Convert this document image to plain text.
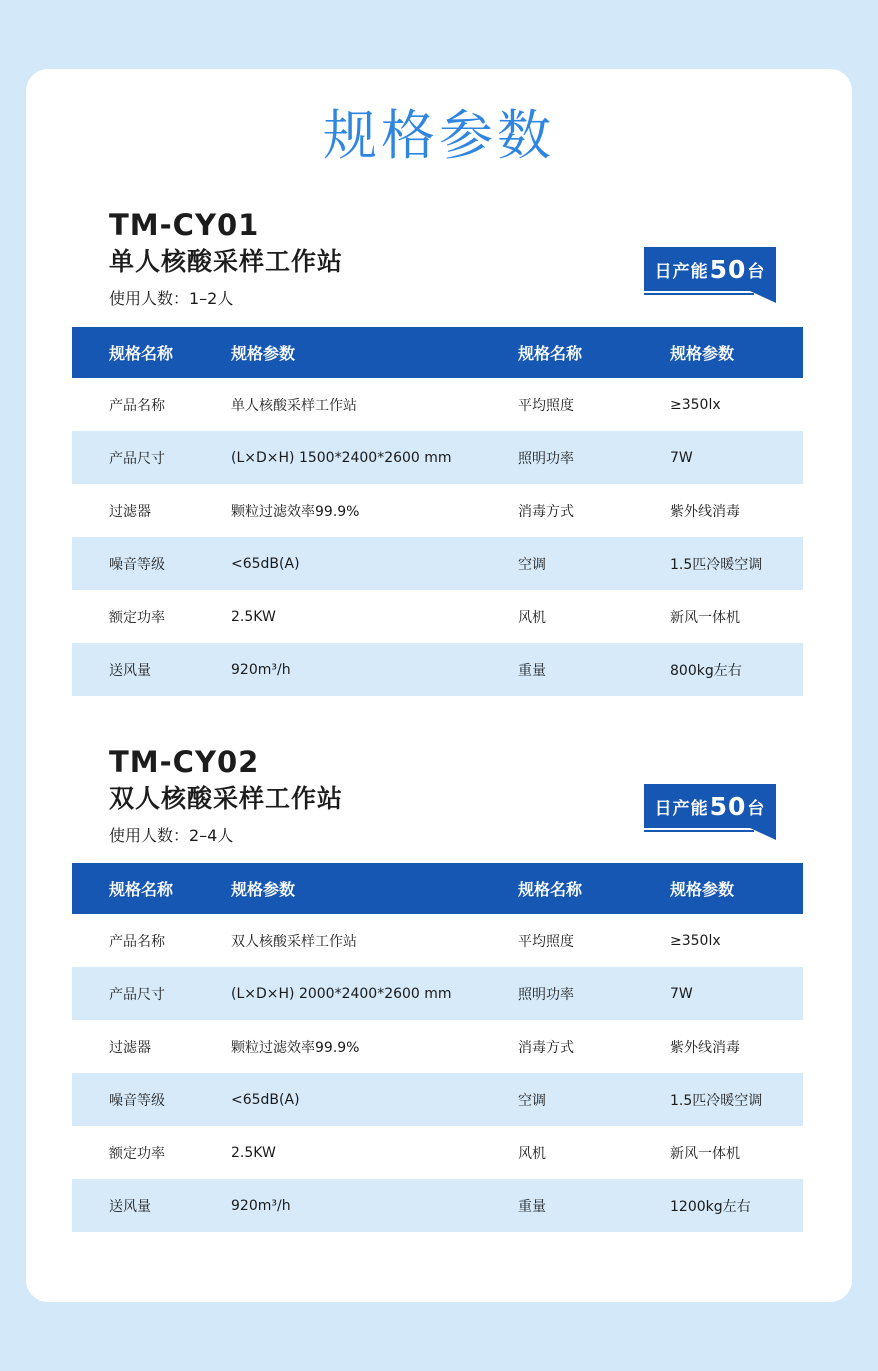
规格参数
TM-CY01
单人核酸采样工作站
使用人数：1–2人
日产能 50 台
规格名称	规格参数	规格名称	规格参数
产品名称	单人核酸采样工作站	平均照度	≥350lx
产品尺寸	(L×D×H) 1500*2400*2600 mm	照明功率	7W
过滤器	颗粒过滤效率99.9%	消毒方式	紫外线消毒
噪音等级	<65dB(A)	空调	1.5匹冷暖空调
额定功率	2.5KW	风机	新风一体机
送风量	920m³/h	重量	800kg左右
TM-CY02
双人核酸采样工作站
使用人数：2–4人
日产能 50 台
规格名称	规格参数	规格名称	规格参数
产品名称	双人核酸采样工作站	平均照度	≥350lx
产品尺寸	(L×D×H) 2000*2400*2600 mm	照明功率	7W
过滤器	颗粒过滤效率99.9%	消毒方式	紫外线消毒
噪音等级	<65dB(A)	空调	1.5匹冷暖空调
额定功率	2.5KW	风机	新风一体机
送风量	920m³/h	重量	1200kg左右
